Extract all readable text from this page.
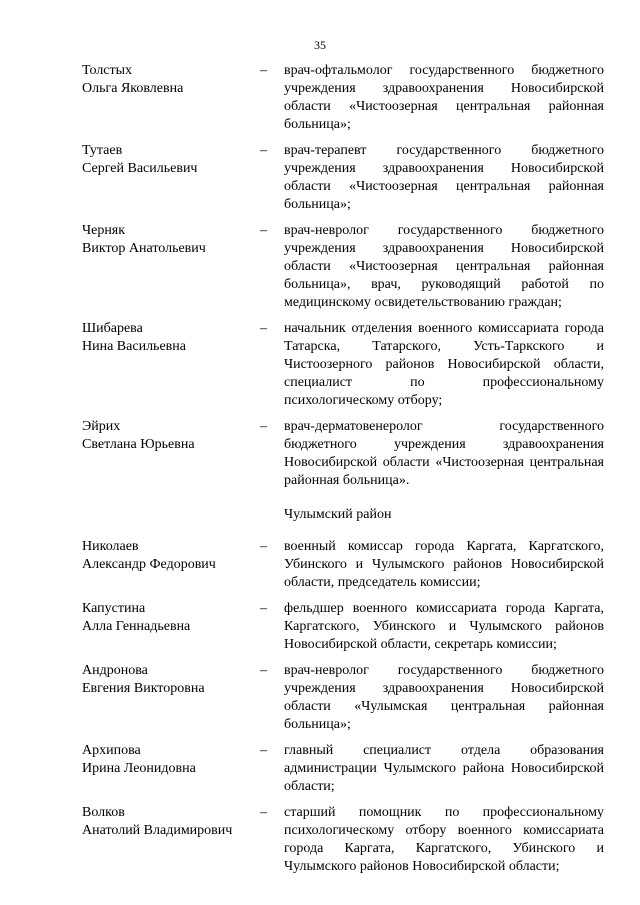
35
Толстых
Ольга Яковлевна
–	врач-офтальмолог государственного бюджетного учреждения здравоохранения Новосибирской области «Чистоозерная центральная районная больница»;
Тутаев
Сергей Васильевич
–	врач-терапевт государственного бюджетного учреждения здравоохранения Новосибирской области «Чистоозерная центральная районная больница»;
Черняк
Виктор Анатольевич
–	врач-невролог государственного бюджетного учреждения здравоохранения Новосибирской области «Чистоозерная центральная районная больница», врач, руководящий работой по медицинскому освидетельствованию граждан;
Шибарева
Нина Васильевна
–	начальник отделения военного комиссариата города Татарска, Татарского, Усть-Таркского и Чистоозерного районов Новосибирской области, специалист по профессиональному психологическому отбору;
Эйрих
Светлана Юрьевна
–	врач-дерматовенеролог государственного бюджетного учреждения здравоохранения Новосибирской области «Чистоозерная центральная районная больница».
Чулымский район
Николаев
Александр Федорович
–	военный комиссар города Каргата, Каргатского, Убинского и Чулымского районов Новосибирской области, председатель комиссии;
Капустина
Алла Геннадьевна
–	фельдшер военного комиссариата города Каргата, Каргатского, Убинского и Чулымского районов Новосибирской области, секретарь комиссии;
Андронова
Евгения Викторовна
–	врач-невролог государственного бюджетного учреждения здравоохранения Новосибирской области «Чулымская центральная районная больница»;
Архипова
Ирина Леонидовна
–	главный специалист отдела образования администрации Чулымского района Новосибирской области;
Волков
Анатолий Владимирович
–	старший помощник по профессиональному психологическому отбору военного комиссариата города Каргата, Каргатского, Убинского и Чулымского районов Новосибирской области;
